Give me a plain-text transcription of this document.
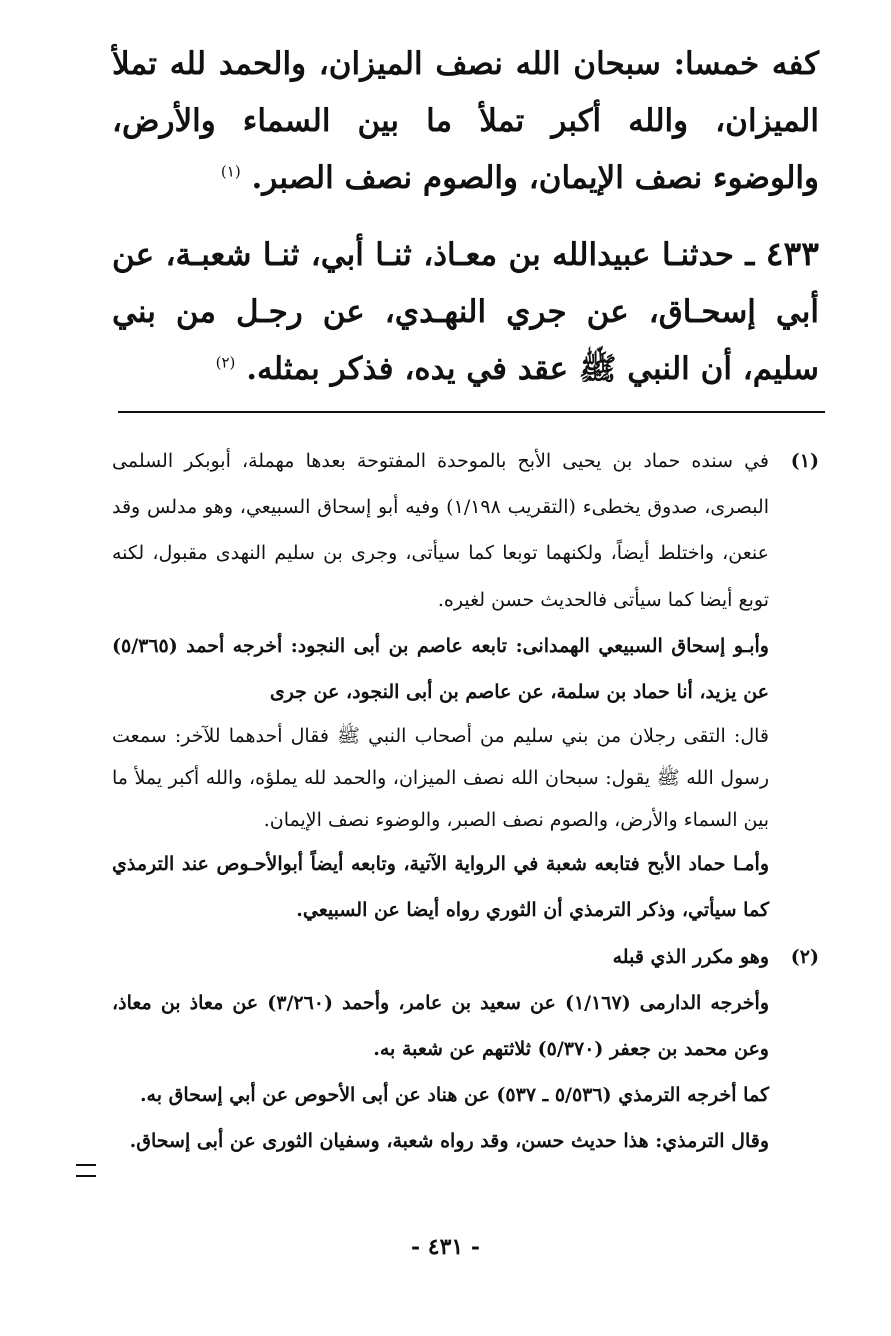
كفه خمسا: سبحان الله نصف الميزان، والحمد لله تملأ الميزان، والله أكبر تملأ ما بين السماء والأرض، والوضوء نصف الإيمان، والصوم نصف الصبر. $^{(١)}$

٤٣٣ ـ حدثنـا عبيدالله بن معـاذ، ثنـا أبي، ثنـا شعبـة، عن أبي إسحـاق، عن جري النهـدي، عن رجـل من بني سليم، أن النبي ﷺ عقد في يده، فذكر بمثله. $^{(٢)}$

(١)

في سنده حماد بن يحيى الأبح بالموحدة المفتوحة بعدها مهملة، أبوبكر السلمى البصرى، صدوق يخطىء (التقريب ١/١٩٨) وفيه أبو إسحاق السبيعي، وهو مدلس وقد عنعن، واختلط أيضاً، ولكنهما توبعا كما سيأتى، وجرى بن سليم النهدى مقبول، لكنه توبع أيضا كما سيأتى فالحديث حسن لغيره.

وأبـو إسحاق السبيعي الهمدانى: تابعه عاصم بن أبى النجود: أخرجه أحمد (٥/٣٦٥) عن يزيد، أنا حماد بن سلمة، عن عاصم بن أبى النجود، عن جرى

قال: التقى رجلان من بني سليم من أصحاب النبي ﷺ فقال أحدهما للآخر: سمعت رسول الله ﷺ يقول: سبحان الله نصف الميزان، والحمد لله يملؤه، والله أكبر يملأ ما بين السماء والأرض، والصوم نصف الصبر، والوضوء نصف الإيمان.

وأمـا حماد الأبح فتابعه شعبة في الرواية الآتية، وتابعه أيضاً أبوالأحـوص عند الترمذي كما سيأتي، وذكر الترمذي أن الثوري رواه أيضا عن السبيعي.

(٢)

وهو مكرر الذي قبله

وأخرجه الدارمى (١/١٦٧) عن سعيد بن عامر، وأحمد (٣/٢٦٠) عن معاذ بن معاذ، وعن محمد بن جعفر (٥/٣٧٠) ثلاثتهم عن شعبة به.

كما أخرجه الترمذي (٥/٥٣٦ ـ ٥٣٧) عن هناد عن أبى الأحوص عن أبي إسحاق به.

وقال الترمذي: هذا حديث حسن، وقد رواه شعبة، وسفيان الثورى عن أبى إسحاق.

- ٤٣١ -
